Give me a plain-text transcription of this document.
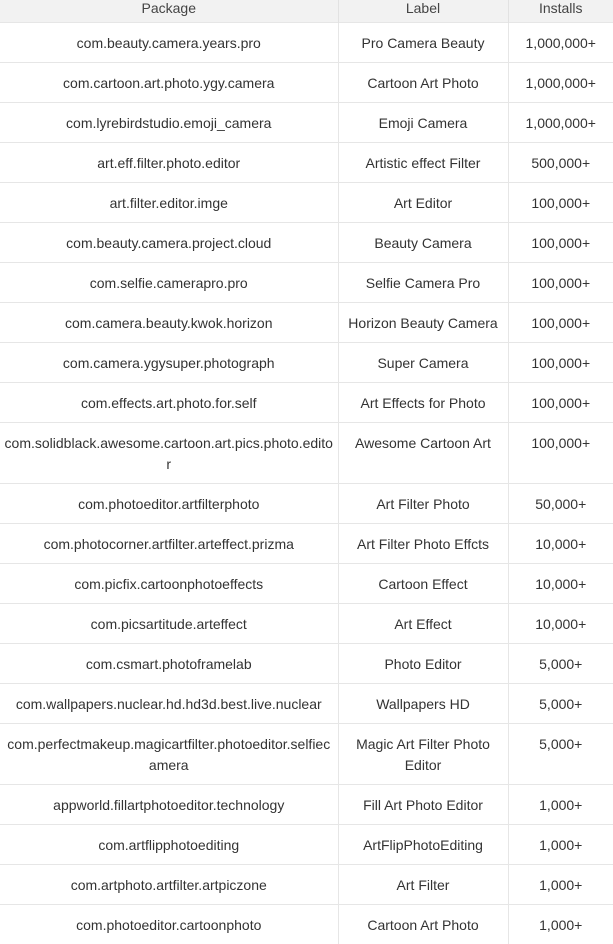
Package	Label	Installs
com.beauty.camera.years.pro	Pro Camera Beauty	1,000,000+
com.cartoon.art.photo.ygy.camera	Cartoon Art Photo	1,000,000+
com.lyrebirdstudio.emoji_camera	Emoji Camera	1,000,000+
art.eff.filter.photo.editor	Artistic effect Filter	500,000+
art.filter.editor.imge	Art Editor	100,000+
com.beauty.camera.project.cloud	Beauty Camera	100,000+
com.selfie.camerapro.pro	Selfie Camera Pro	100,000+
com.camera.beauty.kwok.horizon	Horizon Beauty Camera	100,000+
com.camera.ygysuper.photograph	Super Camera	100,000+
com.effects.art.photo.for.self	Art Effects for Photo	100,000+
com.solidblack.awesome.cartoon.art.pics.photo.editor	Awesome Cartoon Art	100,000+
com.photoeditor.artfilterphoto	Art Filter Photo	50,000+
com.photocorner.artfilter.arteffect.prizma	Art Filter Photo Effcts	10,000+
com.picfix.cartoonphotoeffects	Cartoon Effect	10,000+
com.picsartitude.arteffect	Art Effect	10,000+
com.csmart.photoframelab	Photo Editor	5,000+
com.wallpapers.nuclear.hd.hd3d.best.live.nuclear	Wallpapers HD	5,000+
com.perfectmakeup.magicartfilter.photoeditor.selfiecamera	Magic Art Filter Photo Editor	5,000+
appworld.fillartphotoeditor.technology	Fill Art Photo Editor	1,000+
com.artflipphotoediting	ArtFlipPhotoEditing	1,000+
com.artphoto.artfilter.artpiczone	Art Filter	1,000+
com.photoeditor.cartoonphoto	Cartoon Art Photo	1,000+
